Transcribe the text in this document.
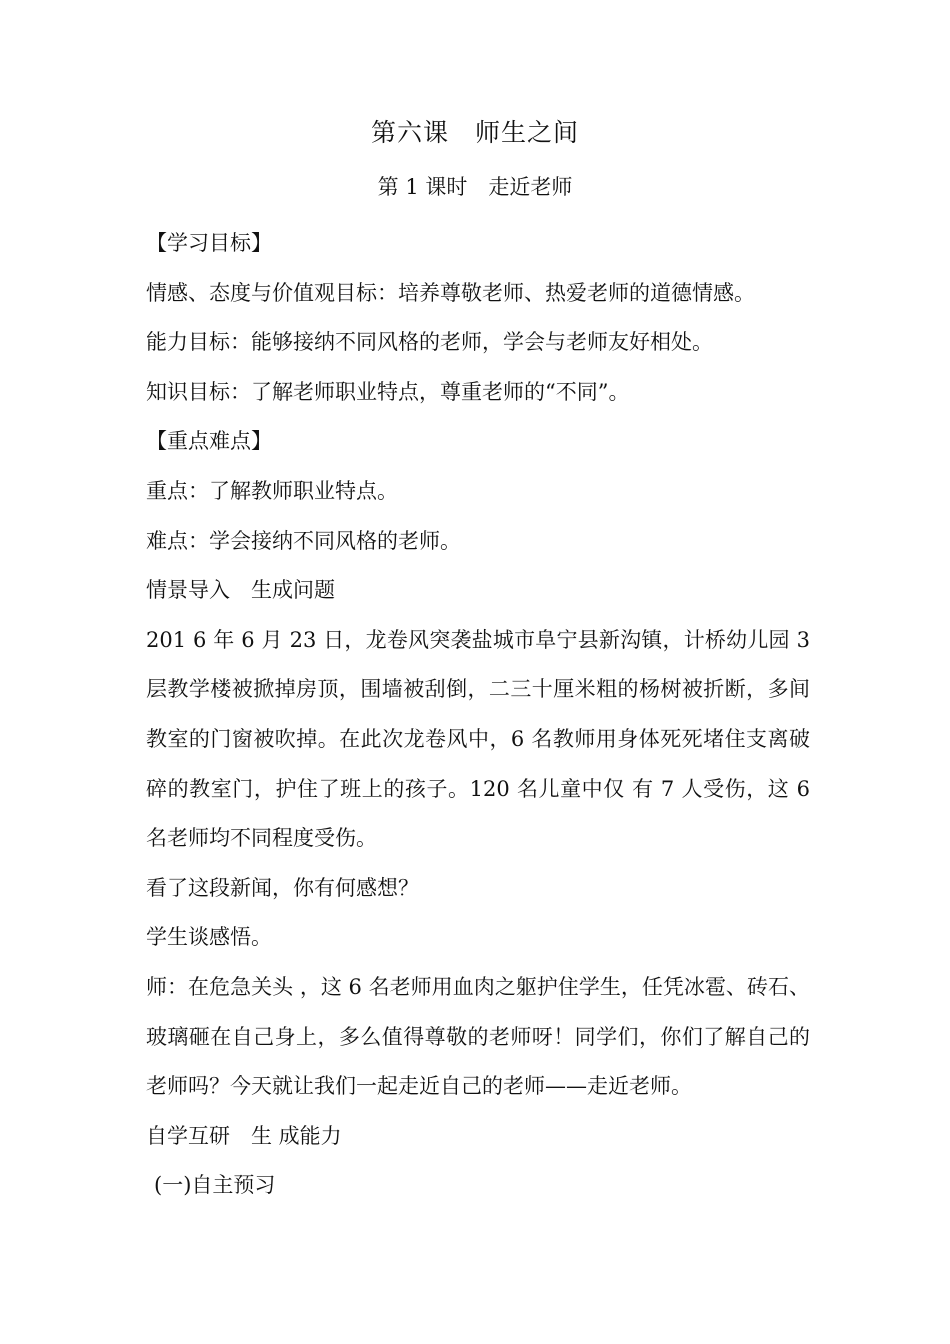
第六课　师生之间
第 1 课时　走近老师

【学习目标】

情感、态度与价值观目标：培养尊敬老师、热爱老师的道德情感。

能力目标：能够接纳不同风格的老师，学会与老师友好相处。

知识目标：了解老师职业特点，尊重老师的“不同”。

【重点难点】

重点：了解教师职业特点。

难点：学会接纳不同风格的老师。

情景导入　生成问题

201 6 年 6 月 23 日，龙卷风突袭盐城市阜宁县新沟镇，计桥幼儿园 3 层教学楼被掀掉房顶，围墙被刮倒，二三十厘米粗的杨树被折断，多间教室的门窗被吹掉。在此次龙卷风中，6 名教师用身体死死堵住支离破碎的教室门，护住了班上的孩子。120 名儿童中仅 有 7 人受伤，这 6 名老师均不同程度受伤。

看了这段新闻，你有何感想？

学生谈感悟。

师：在危急关头 ，这 6 名老师用血肉之躯护住学生，任凭冰雹、砖石、玻璃砸在自己身上，多么值得尊敬的老师呀！同学们，你们了解自己的老师吗？今天就让我们一起走近自己的老师——走近老师。

自学互研　生 成能力

(一)自主预习
